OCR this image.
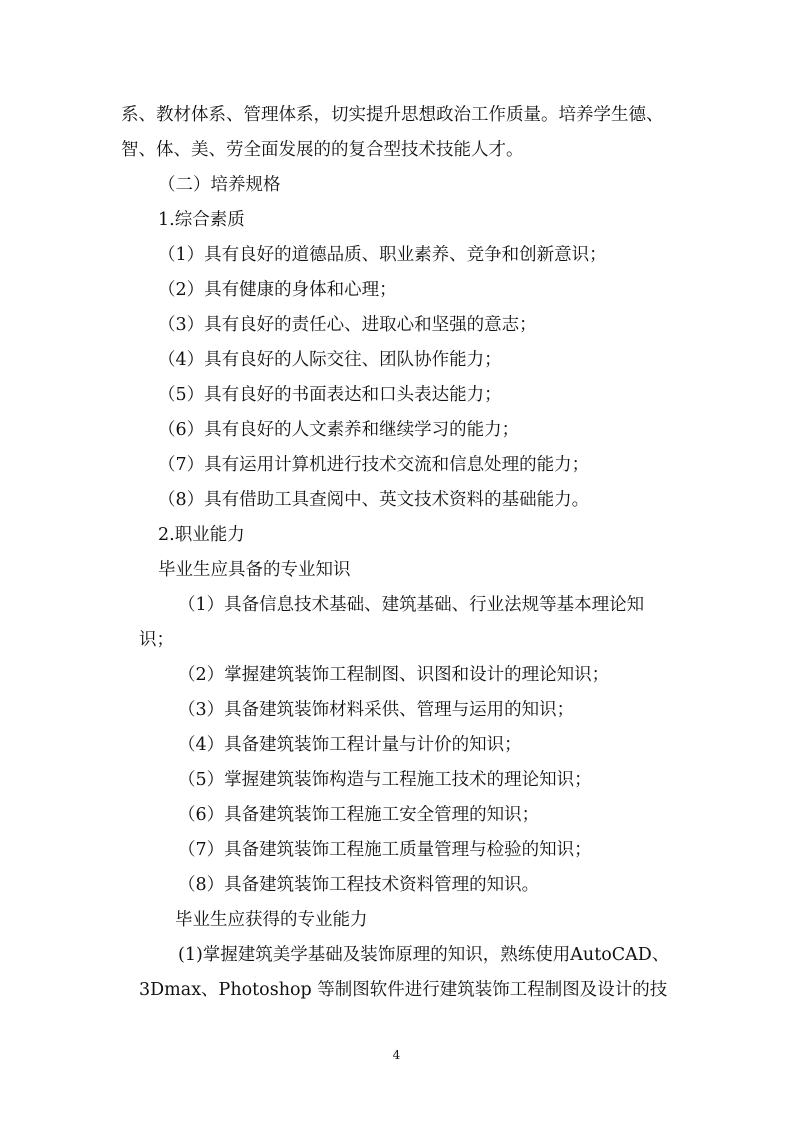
系、教材体系、管理体系，切实提升思想政治工作质量。培养学生德、
智、体、美、劳全面发展的的复合型技术技能人才。
（二）培养规格
1.综合素质
（1）具有良好的道德品质、职业素养、竞争和创新意识；
（2）具有健康的身体和心理；
（3）具有良好的责任心、进取心和坚强的意志；
（4）具有良好的人际交往、团队协作能力；
（5）具有良好的书面表达和口头表达能力；
（6）具有良好的人文素养和继续学习的能力；
（7）具有运用计算机进行技术交流和信息处理的能力；
（8）具有借助工具查阅中、英文技术资料的基础能力。
2.职业能力
毕业生应具备的专业知识
（1）具备信息技术基础、建筑基础、行业法规等基本理论知
识；
（2）掌握建筑装饰工程制图、识图和设计的理论知识；
（3）具备建筑装饰材料采供、管理与运用的知识；
（4）具备建筑装饰工程计量与计价的知识；
（5）掌握建筑装饰构造与工程施工技术的理论知识；
（6）具备建筑装饰工程施工安全管理的知识；
（7）具备建筑装饰工程施工质量管理与检验的知识；
（8）具备建筑装饰工程技术资料管理的知识。
毕业生应获得的专业能力
(1)掌握建筑美学基础及装饰原理的知识，熟练使用AutoCAD、
3Dmax、Photoshop 等制图软件进行建筑装饰工程制图及设计的技
4
